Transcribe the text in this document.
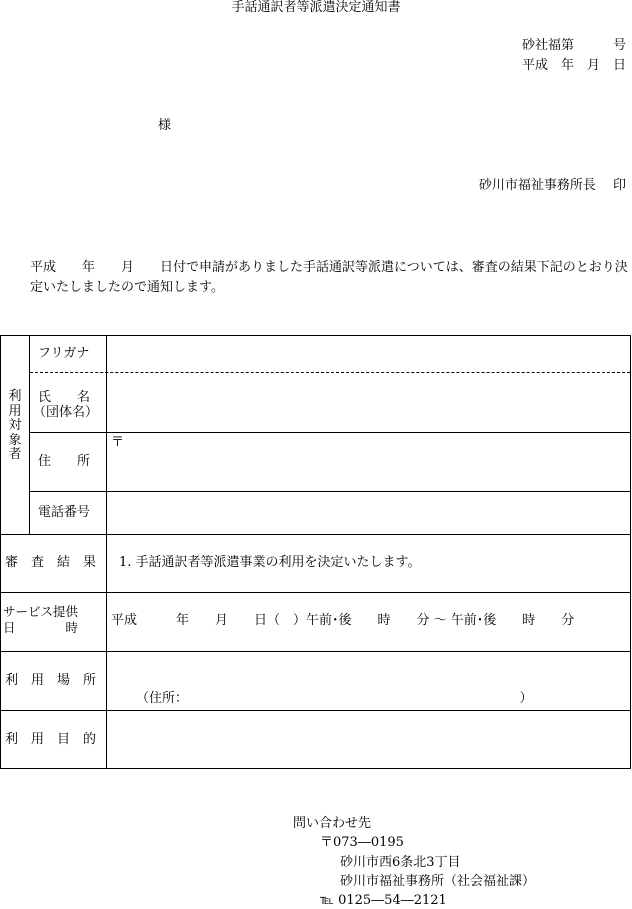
手話通訳者等派遣決定通知書
砂社福第　　　号
平成　年　月　日
様
砂川市福祉事務所長　 印
平成　　年　　月　　日付で申請がありました手話通訳等派遣については、審査の結果下記のとおり決定いたしましたので通知します。
利用対象者
フリガナ
氏　　名
（団体名）
住　　所
〒
電話番号
審　査　結　果 1. 手話通訳者等派遣事業の利用を決定いたします。
サービス提供
日　　　　時	平成　　　年　　月　　日（　）午前･後　　時　　分 ～ 午前･後　　時　　分
利　用　場　所
（住所：　　　　　　　　　　　　　　　　　　　　　　　　　　）
利　用　目　的
問い合わせ先
〒073―0195
砂川市西6条北3丁目
砂川市福祉事務所（社会福祉課）
℡ 0125―54―2121
